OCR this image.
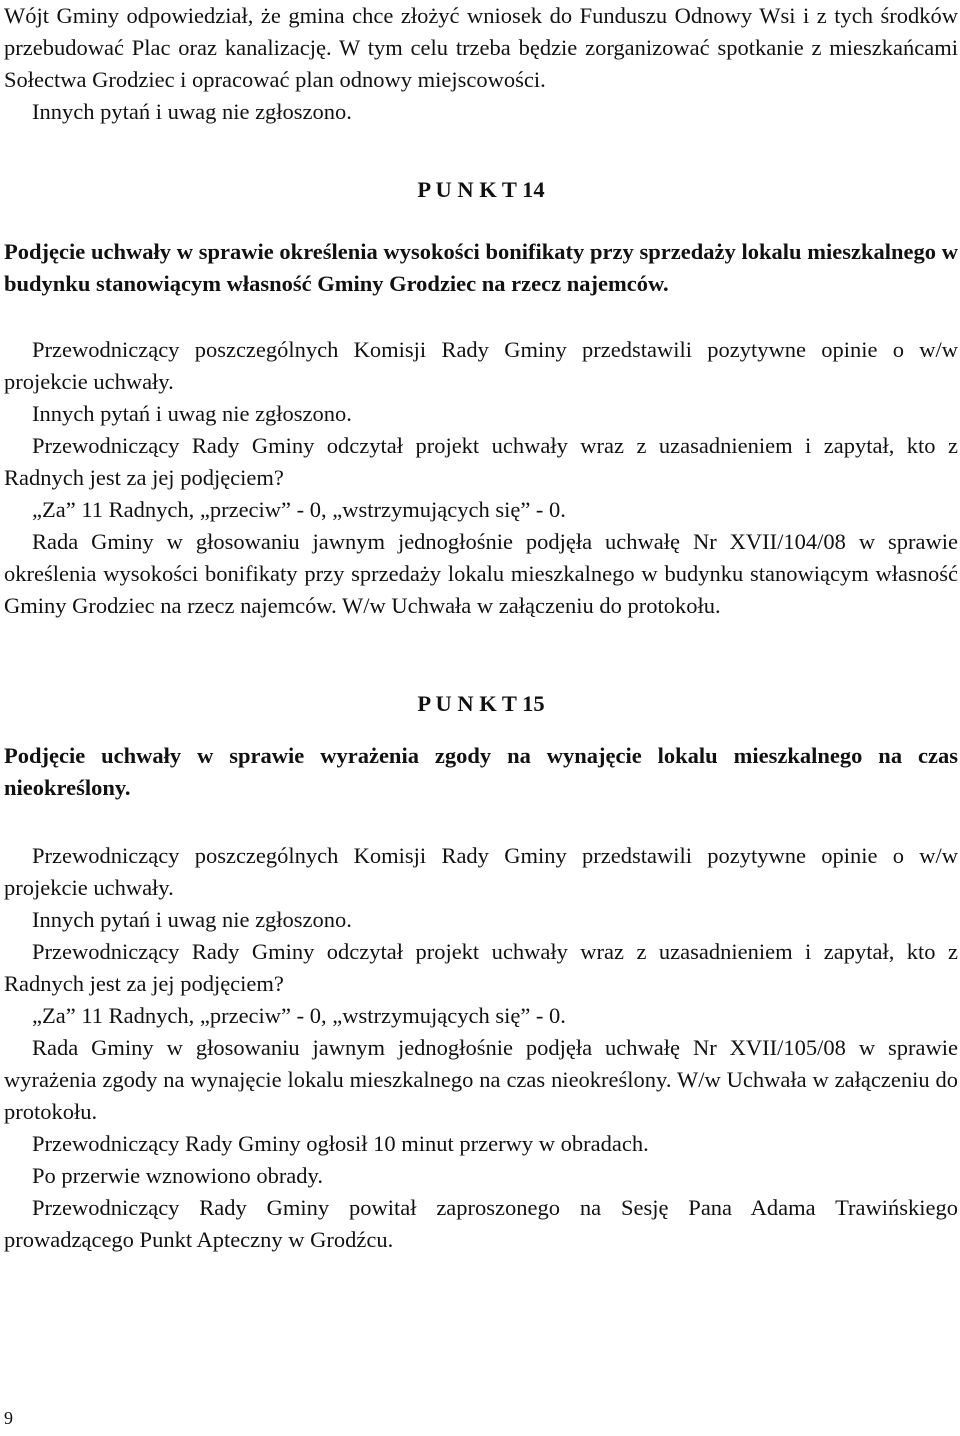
Wójt Gminy odpowiedział, że gmina chce złożyć wniosek do Funduszu Odnowy Wsi i z tych środków przebudować Plac oraz kanalizację. W tym celu trzeba będzie zorganizować spotkanie z mieszkańcami Sołectwa Grodziec i opracować plan odnowy miejscowości.

Innych pytań i uwag nie zgłoszono.

P U N K T 14

Podjęcie uchwały w sprawie określenia wysokości bonifikaty przy sprzedaży lokalu mieszkalnego w budynku stanowiącym własność Gminy Grodziec na rzecz najemców.

Przewodniczący poszczególnych Komisji Rady Gminy przedstawili pozytywne opinie o w/w projekcie uchwały.

Innych pytań i uwag nie zgłoszono.

Przewodniczący Rady Gminy odczytał projekt uchwały wraz z uzasadnieniem i zapytał, kto z Radnych jest za jej podjęciem?

„Za” 11 Radnych, „przeciw” - 0, „wstrzymujących się” - 0.

Rada Gminy w głosowaniu jawnym jednogłośnie podjęła uchwałę Nr XVII/104/08 w sprawie określenia wysokości bonifikaty przy sprzedaży lokalu mieszkalnego w budynku stanowiącym własność Gminy Grodziec na rzecz najemców. W/w Uchwała w załączeniu do protokołu.

P U N K T 15

Podjęcie uchwały w sprawie wyrażenia zgody na wynajęcie lokalu mieszkalnego na czas nieokreślony.

Przewodniczący poszczególnych Komisji Rady Gminy przedstawili pozytywne opinie o w/w projekcie uchwały.

Innych pytań i uwag nie zgłoszono.

Przewodniczący Rady Gminy odczytał projekt uchwały wraz z uzasadnieniem i zapytał, kto z Radnych jest za jej podjęciem?

„Za” 11 Radnych, „przeciw” - 0, „wstrzymujących się” - 0.

Rada Gminy w głosowaniu jawnym jednogłośnie podjęła uchwałę Nr XVII/105/08 w sprawie wyrażenia zgody na wynajęcie lokalu mieszkalnego na czas nieokreślony. W/w Uchwała w załączeniu do protokołu.

Przewodniczący Rady Gminy ogłosił 10 minut przerwy w obradach.

Po przerwie wznowiono obrady.

Przewodniczący Rady Gminy powitał zaproszonego na Sesję Pana Adama Trawińskiego prowadzącego Punkt Apteczny w Grodźcu.

9
